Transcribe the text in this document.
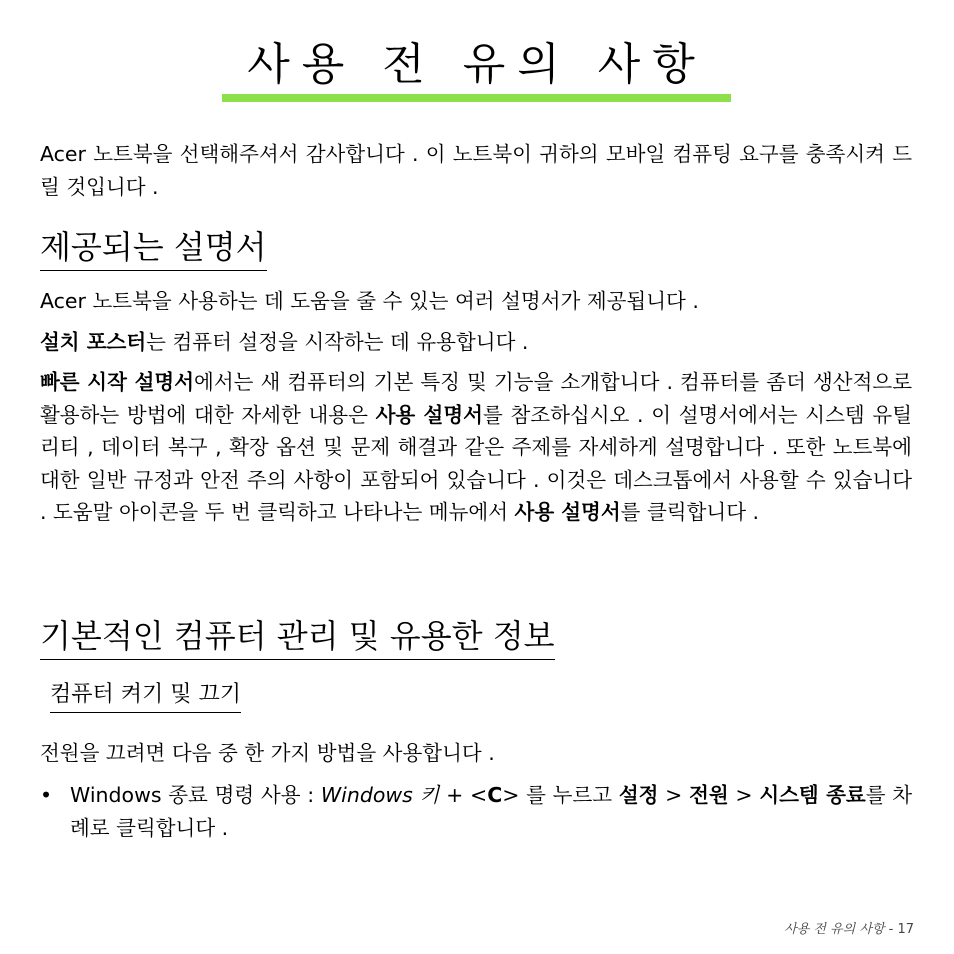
사용 전 유의 사항

Acer 노트북을 선택해주셔서 감사합니다 . 이 노트북이 귀하의 모바일 컴퓨팅 요구를 충족시켜 드릴 것입니다 .

제공되는 설명서

Acer 노트북을 사용하는 데 도움을 줄 수 있는 여러 설명서가 제공됩니다 .

설치 포스터는 컴퓨터 설정을 시작하는 데 유용합니다 .

빠른 시작 설명서에서는 새 컴퓨터의 기본 특징 및 기능을 소개합니다 . 컴퓨터를 좀더 생산적으로 활용하는 방법에 대한 자세한 내용은 사용 설명서를 참조하십시오 . 이 설명서에서는 시스템 유틸리티 , 데이터 복구 , 확장 옵션 및 문제 해결과 같은 주제를 자세하게 설명합니다 . 또한 노트북에 대한 일반 규정과 안전 주의 사항이 포함되어 있습니다 . 이것은 데스크톱에서 사용할 수 있습니다 . 도움말 아이콘을 두 번 클릭하고 나타나는 메뉴에서 사용 설명서를 클릭합니다 .

기본적인 컴퓨터 관리 및 유용한 정보
컴퓨터 켜기 및 끄기

전원을 끄려면 다음 중 한 가지 방법을 사용합니다 .

• Windows 종료 명령 사용 : Windows 키 + <C> 를 누르고 설정 > 전원 > 시스템 종료를 차례로 클릭합니다 .

사용 전 유의 사항 - 17
